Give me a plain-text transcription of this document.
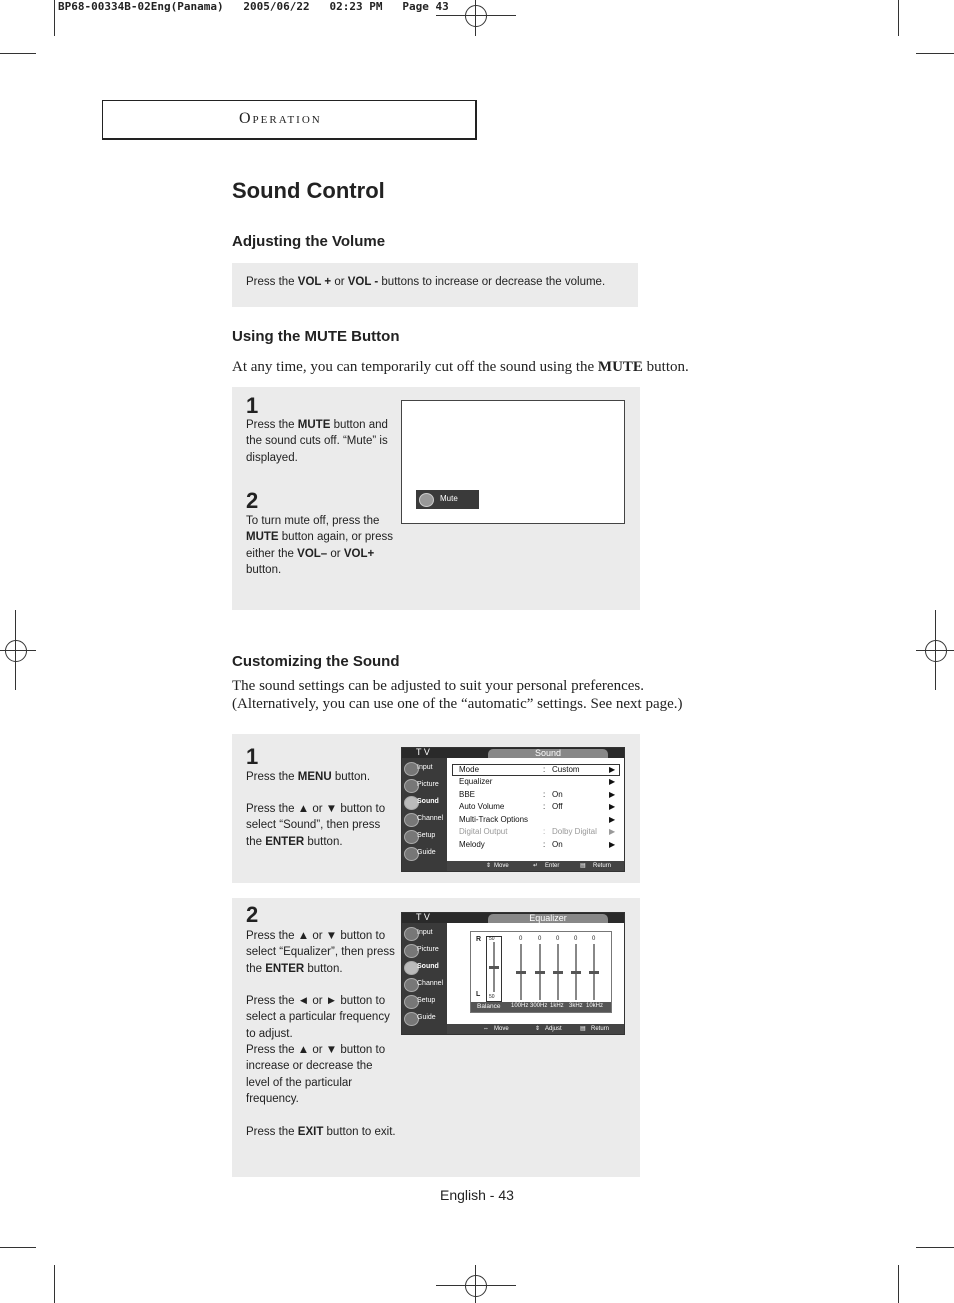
BP68-00334B-02Eng(Panama)   2005/06/22   02:23 PM   Page 43
Operation
Sound Control
Adjusting the Volume
Press the VOL + or VOL - buttons to increase or decrease the volume.
Using the MUTE Button
At any time, you can temporarily cut off the sound using the MUTE button.
1
Press the MUTE button and the sound cuts off. “Mute” is displayed.
2
To turn mute off, press the MUTE button again, or press either the VOL– or VOL+ button.
Mute
Customizing the Sound
The sound settings can be adjusted to suit your personal preferences.
(Alternatively, you can use one of the “automatic” settings. See next page.)
1
Press the MENU button.
Press the ▲ or ▼ button to select “Sound”, then press the ENTER button.
T V	Sound
Input
Picture
Sound
Channel
Setup
Guide
Mode	: Custom	▶
Equalizer	▶
BBE	: On	▶
Auto Volume	: Off	▶
Multi-Track Options	▶
Digital Output	: Dolby Digital ▶
Melody	: On	▶
⇕ Move	↵ Enter	▤ Return
2
Press the ▲ or ▼ button to select “Equalizer”, then press the ENTER button.
Press the ◄ or ► button to select a particular frequency to adjust.
Press the ▲ or ▼ button to increase or decrease the level of the particular frequency.
Press the EXIT button to exit.
T V	Equalizer
Input
Picture
Sound
Channel
Setup
Guide
R
L
50
50
0	0 0 0 0
Balance 100Hz 300Hz 1kHz 3kHz 10kHz
⇔ Move	⇕ Adjust	▤ Return
English - 43
